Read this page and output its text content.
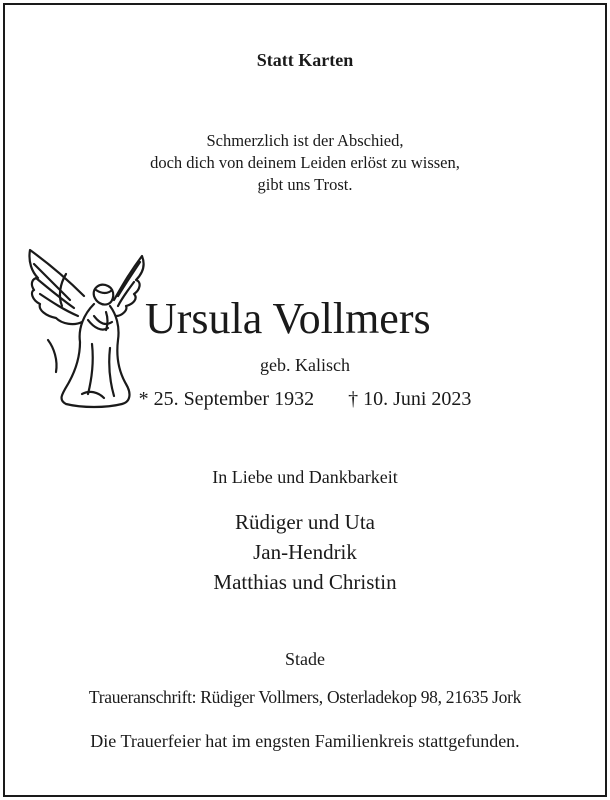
Statt Karten
Schmerzlich ist der Abschied,
doch dich von deinem Leiden erlöst zu wissen,
gibt uns Trost.
Ursula Vollmers
geb. Kalisch
* 25. September 1932 † 10. Juni 2023
In Liebe und Dankbarkeit
Rüdiger und Uta
Jan-Hendrik
Matthias und Christin
Stade
Traueranschrift: Rüdiger Vollmers, Osterladekop 98, 21635 Jork
Die Trauerfeier hat im engsten Familienkreis stattgefunden.
